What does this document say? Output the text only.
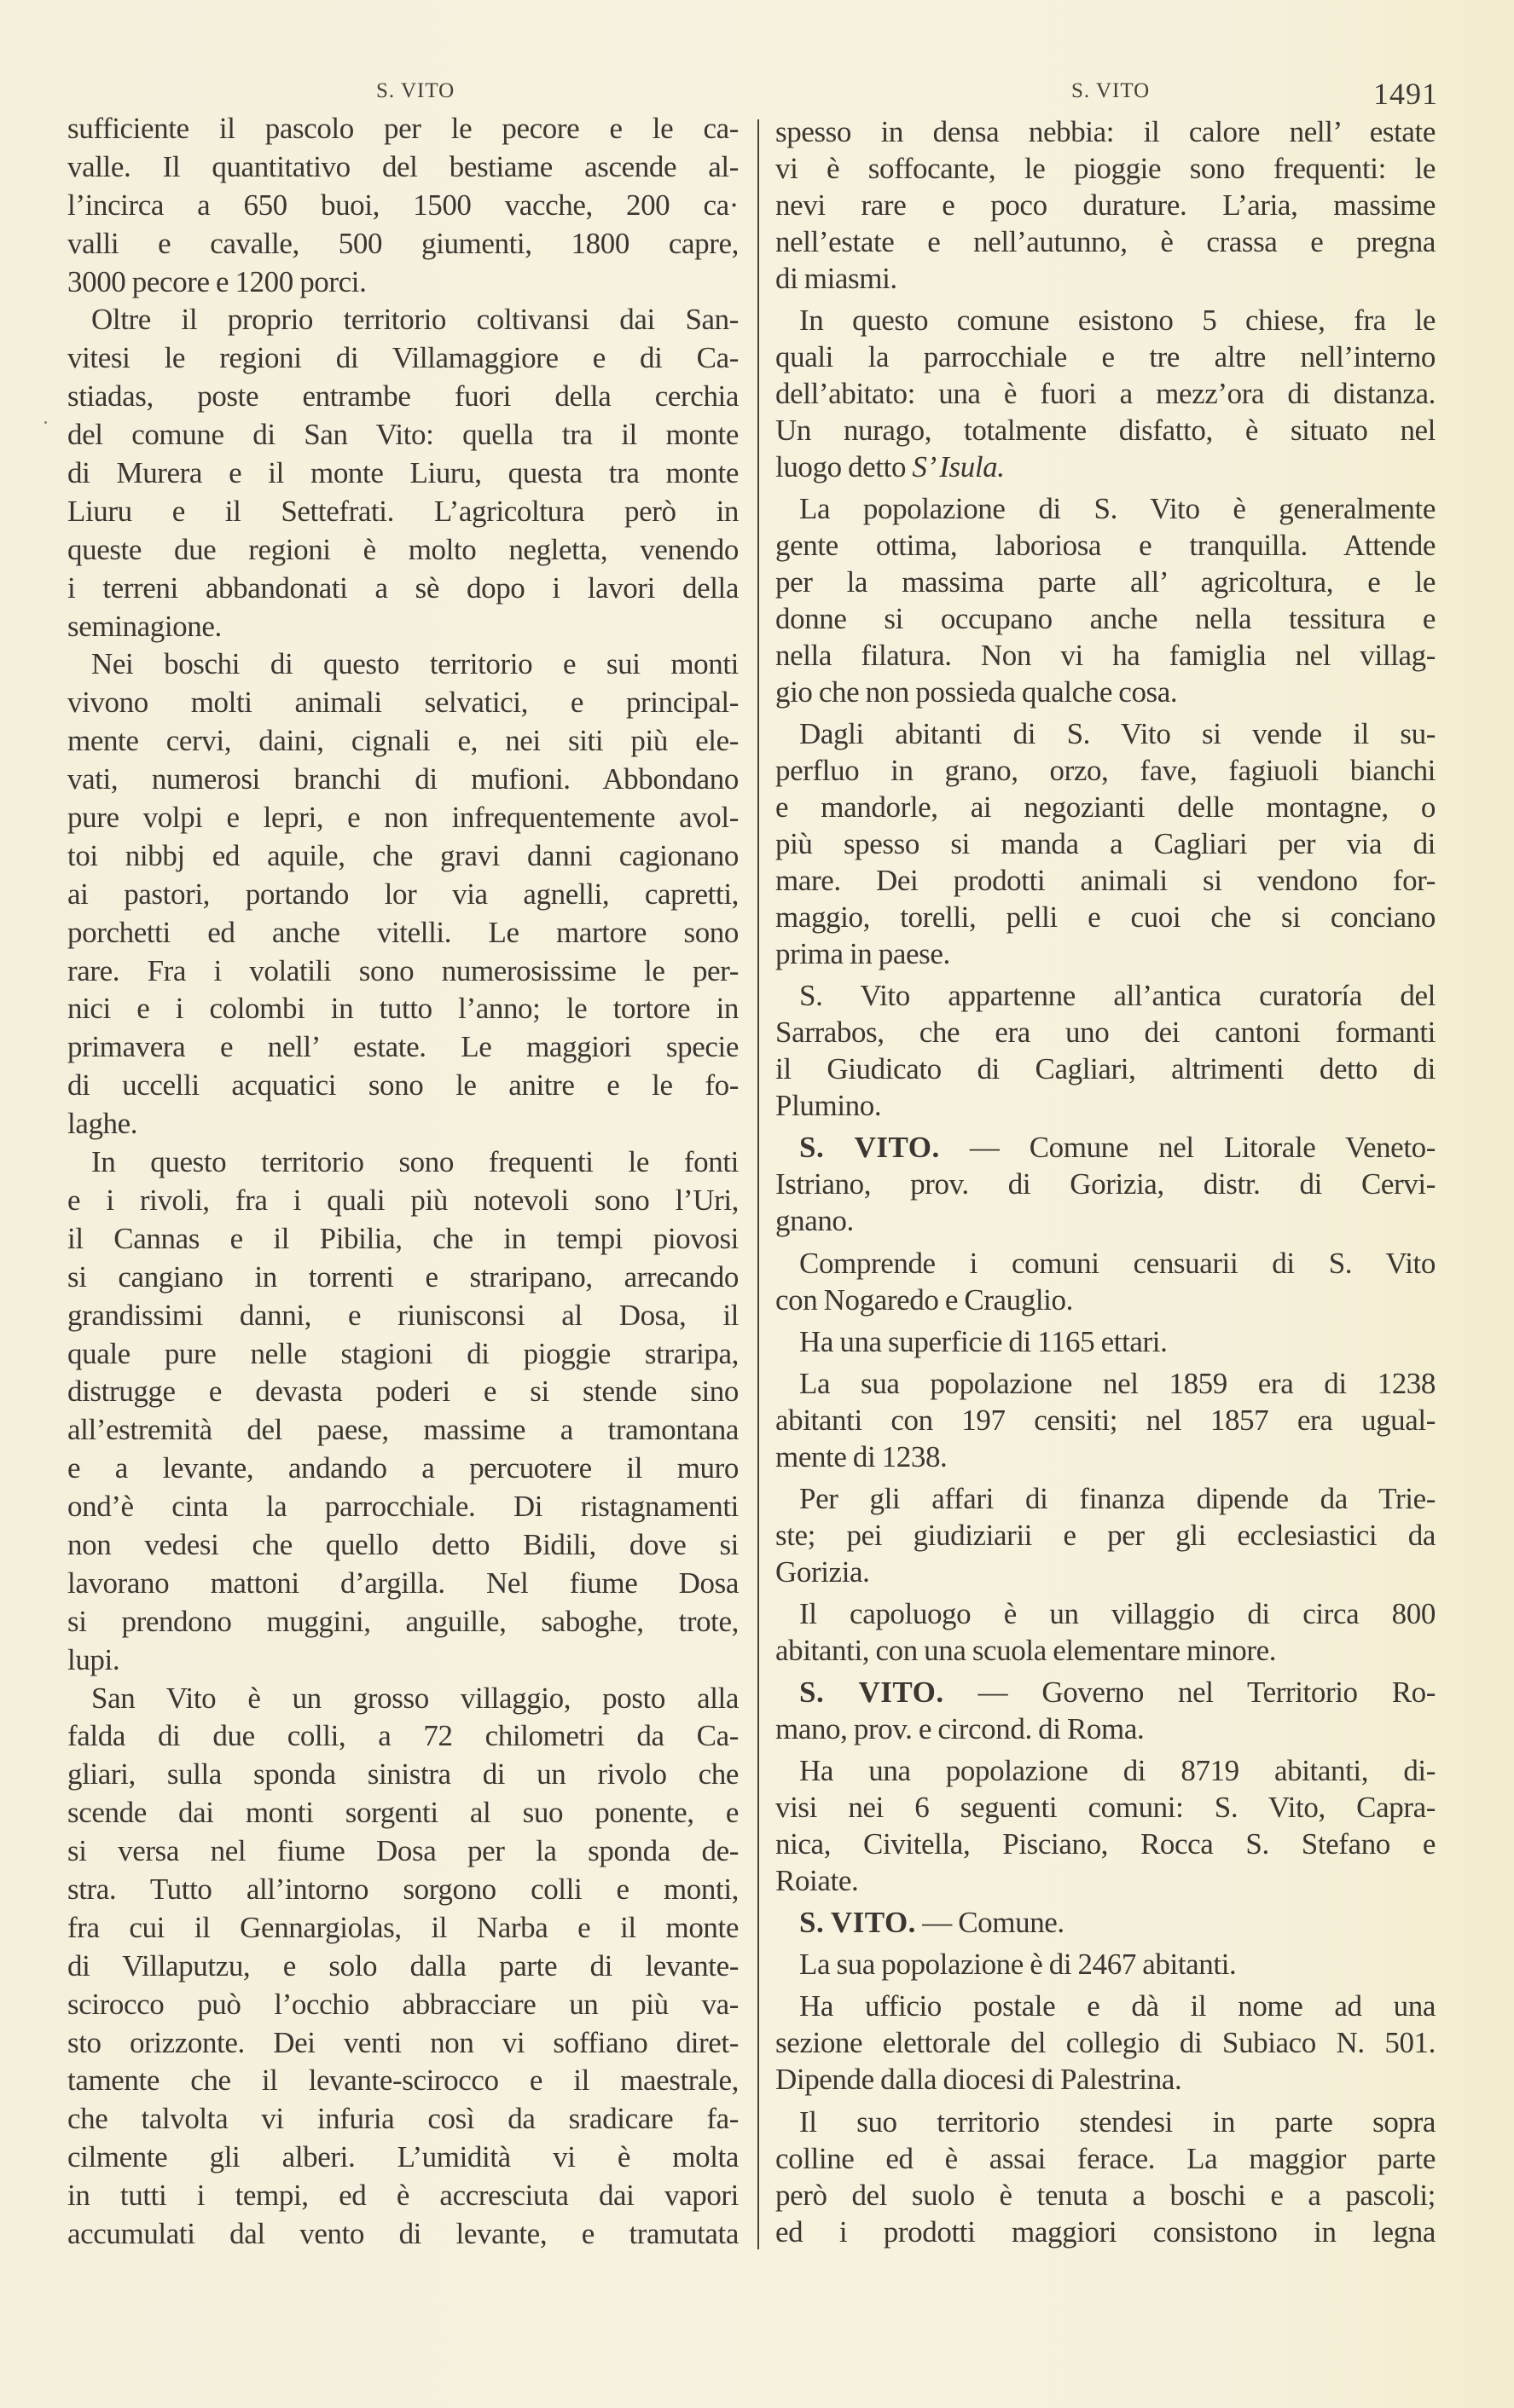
S. VITO	S. VITO	1491
sufficiente il pascolo per le pecore e le ca-
valle. Il quantitativo del bestiame ascende al-
l’incirca a 650 buoi, 1500 vacche, 200 ca·
valli e cavalle, 500 giumenti, 1800 capre,
3000 pecore e 1200 porci.
Oltre il proprio territorio coltivansi dai San-
vitesi le regioni di Villamaggiore e di Ca-
stiadas, poste entrambe fuori della cerchia
del comune di San Vito: quella tra il monte
di Murera e il monte Liuru, questa tra monte
Liuru e il Settefrati. L’agricoltura però in
queste due regioni è molto negletta, venendo
i terreni abbandonati a sè dopo i lavori della
seminagione.
Nei boschi di questo territorio e sui monti
vivono molti animali selvatici, e principal-
mente cervi, daini, cignali e, nei siti più ele-
vati, numerosi branchi di mufioni. Abbondano
pure volpi e lepri, e non infrequentemente avol-
toi nibbj ed aquile, che gravi danni cagionano
ai pastori, portando lor via agnelli, capretti,
porchetti ed anche vitelli. Le martore sono
rare. Fra i volatili sono numerosissime le per-
nici e i colombi in tutto l’anno; le tortore in
primavera e nell’ estate. Le maggiori specie
di uccelli acquatici sono le anitre e le fo-
laghe.
In questo territorio sono frequenti le fonti
e i rivoli, fra i quali più notevoli sono l’Uri,
il Cannas e il Pibilia, che in tempi piovosi
si cangiano in torrenti e straripano, arrecando
grandissimi danni, e riunisconsi al Dosa, il
quale pure nelle stagioni di pioggie straripa,
distrugge e devasta poderi e si stende sino
all’estremità del paese, massime a tramontana
e a levante, andando a percuotere il muro
ond’è cinta la parrocchiale. Di ristagnamenti
non vedesi che quello detto Bidili, dove si
lavorano mattoni d’argilla. Nel fiume Dosa
si prendono muggini, anguille, saboghe, trote,
lupi.
San Vito è un grosso villaggio, posto alla
falda di due colli, a 72 chilometri da Ca-
gliari, sulla sponda sinistra di un rivolo che
scende dai monti sorgenti al suo ponente, e
si versa nel fiume Dosa per la sponda de-
stra. Tutto all’intorno sorgono colli e monti,
fra cui il Gennargiolas, il Narba e il monte
di Villaputzu, e solo dalla parte di levante-
scirocco può l’occhio abbracciare un più va-
sto orizzonte. Dei venti non vi soffiano diret-
tamente che il levante-scirocco e il maestrale,
che talvolta vi infuria così da sradicare fa-
cilmente gli alberi. L’umidità vi è molta
in tutti i tempi, ed è accresciuta dai vapori
accumulati dal vento di levante, e tramutata
spesso in densa nebbia: il calore nell’ estate
vi è soffocante, le pioggie sono frequenti: le
nevi rare e poco durature. L’aria, massime
nell’estate e nell’autunno, è crassa e pregna
di miasmi.
In questo comune esistono 5 chiese, fra le
quali la parrocchiale e tre altre nell’interno
dell’abitato: una è fuori a mezz’ora di distanza.
Un nurago, totalmente disfatto, è situato nel
luogo detto S’ Isula.
La popolazione di S. Vito è generalmente
gente ottima, laboriosa e tranquilla. Attende
per la massima parte all’ agricoltura, e le
donne si occupano anche nella tessitura e
nella filatura. Non vi ha famiglia nel villag-
gio che non possieda qualche cosa.
Dagli abitanti di S. Vito si vende il su-
perfluo in grano, orzo, fave, fagiuoli bianchi
e mandorle, ai negozianti delle montagne, o
più spesso si manda a Cagliari per via di
mare. Dei prodotti animali si vendono for-
maggio, torelli, pelli e cuoi che si conciano
prima in paese.
S. Vito appartenne all’antica curatoría del
Sarrabos, che era uno dei cantoni formanti
il Giudicato di Cagliari, altrimenti detto di
Plumino.
S. VITO. — Comune nel Litorale Veneto-
Istriano, prov. di Gorizia, distr. di Cervi-
gnano.
Comprende i comuni censuarii di S. Vito
con Nogaredo e Crauglio.
Ha una superficie di 1165 ettari.
La sua popolazione nel 1859 era di 1238
abitanti con 197 censiti; nel 1857 era ugual-
mente di 1238.
Per gli affari di finanza dipende da Trie-
ste; pei giudiziarii e per gli ecclesiastici da
Gorizia.
Il capoluogo è un villaggio di circa 800
abitanti, con una scuola elementare minore.
S. VITO. — Governo nel Territorio Ro-
mano, prov. e circond. di Roma.
Ha una popolazione di 8719 abitanti, di-
visi nei 6 seguenti comuni: S. Vito, Capra-
nica, Civitella, Pisciano, Rocca S. Stefano e
Roiate.
S. VITO. — Comune.
La sua popolazione è di 2467 abitanti.
Ha ufficio postale e dà il nome ad una
sezione elettorale del collegio di Subiaco N. 501.
Dipende dalla diocesi di Palestrina.
Il suo territorio stendesi in parte sopra
colline ed è assai ferace. La maggior parte
però del suolo è tenuta a boschi e a pascoli;
ed i prodotti maggiori consistono in legna
